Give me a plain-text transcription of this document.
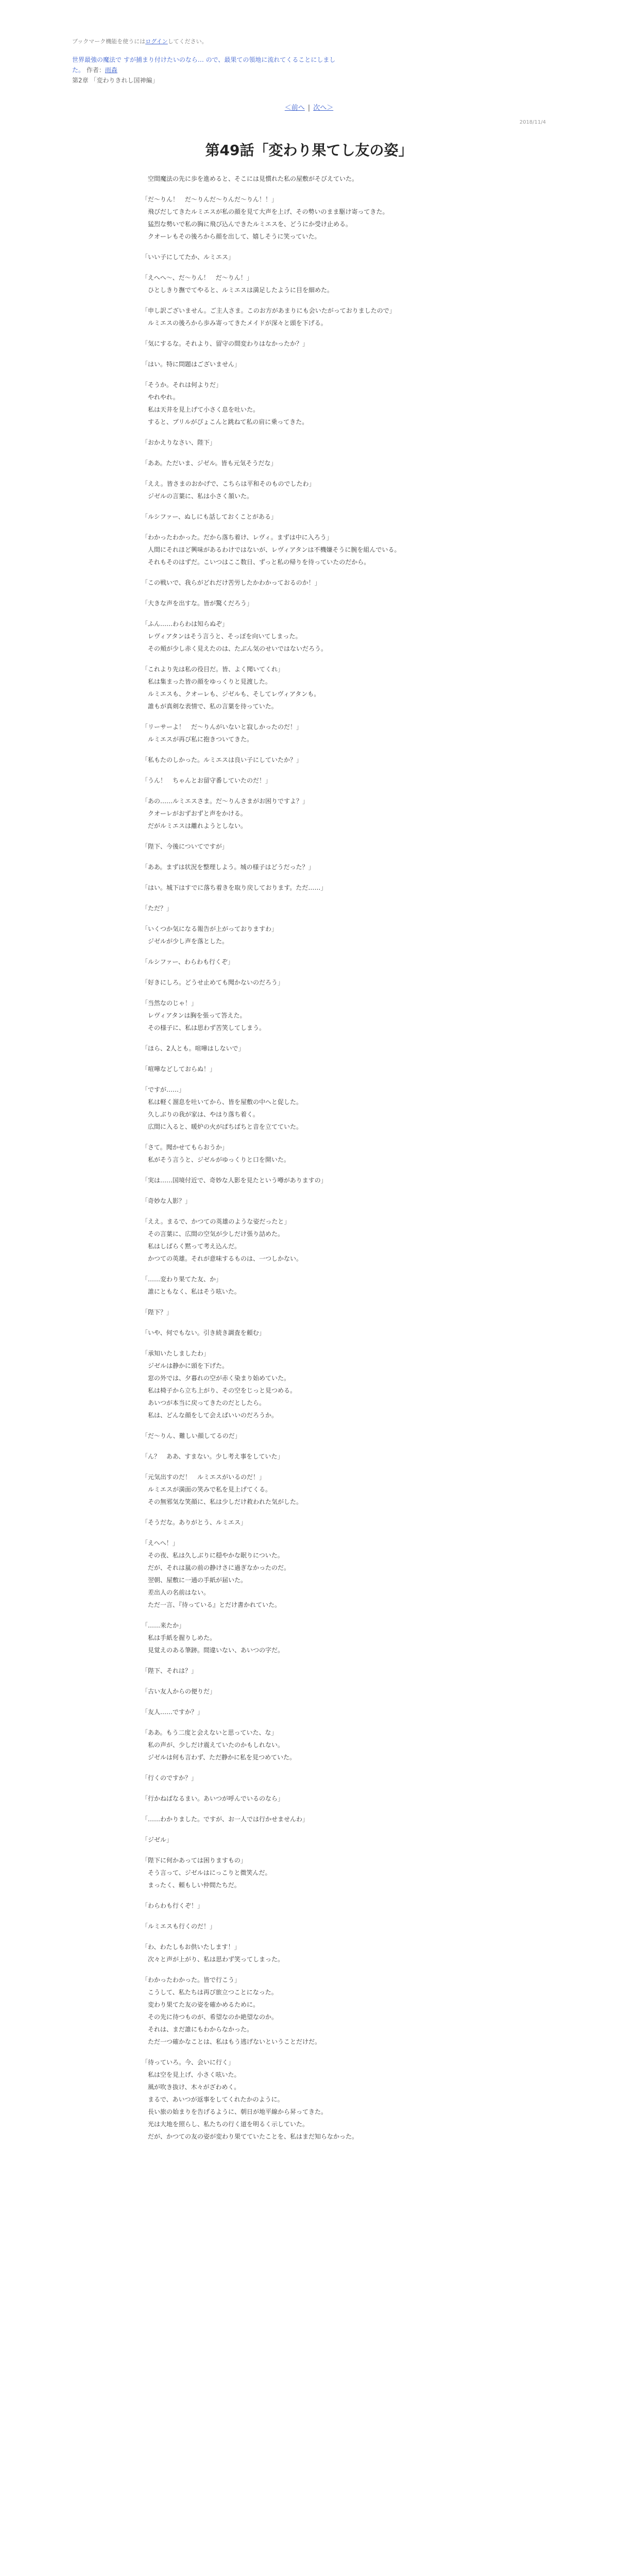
ブックマーク機能を使うにはログインしてください。
世界最強の魔法で すが捕まり付けたいのなら… ので、最果ての領地に流れてくることにしました。 作者：雨森
第2章 「変わりきれし国神編」
＜前へ | 次へ＞
2018/11/4
第49話「変わり果てし友の姿」

　空間魔法の先に歩を進めると、そこには見慣れた私の屋敷がそびえていた。

「だ〜りん！　だ〜りんだ〜りんだ〜りん！！」

　飛びだしてきたルミエスが私の顔を見て大声を上げ、その勢いのまま駆け寄ってきた。

　猛烈な勢いで私の胸に飛び込んできたルミエスを、どうにか受け止める。

　クオーレもその後ろから顔を出して、嬉しそうに笑っていた。

「いい子にしてたか、ルミエス」

「えへへ〜、だ〜りん！　だ〜りん！」

　ひとしきり撫でてやると、ルミエスは満足したように目を細めた。

「申し訳ございません。ご主人さま。このお方があまりにも会いたがっておりましたので」

　ルミエスの後ろから歩み寄ってきたメイドが深々と頭を下げる。

「気にするな。それより、留守の間変わりはなかったか？」

「はい。特に問題はございません」

「そうか。それは何よりだ」

　やれやれ。

　私は天井を見上げて小さく息を吐いた。

　すると、プリルがぴょこんと跳ねて私の肩に乗ってきた。

「おかえりなさい、陛下」

「ああ。ただいま、ジゼル。皆も元気そうだな」

「ええ。皆さまのおかげで、こちらは平和そのものでしたわ」

　ジゼルの言葉に、私は小さく頷いた。

「ルシファー、ぬしにも話しておくことがある」

「わかったわかった。だから落ち着け、レヴィ。まずは中に入ろう」

　人間にそれほど興味があるわけではないが、レヴィアタンは不機嫌そうに腕を組んでいる。

　それもそのはずだ。こいつはここ数日、ずっと私の帰りを待っていたのだから。

「この戦いで、我らがどれだけ苦労したかわかっておるのか！」

「大きな声を出すな。皆が驚くだろう」

「ふん……わらわは知らぬぞ」

　レヴィアタンはそう言うと、そっぽを向いてしまった。

　その頬が少し赤く見えたのは、たぶん気のせいではないだろう。

「これより先は私の役目だ。皆、よく聞いてくれ」

　私は集まった皆の顔をゆっくりと見渡した。

　ルミエスも、クオーレも、ジゼルも、そしてレヴィアタンも。

　誰もが真剣な表情で、私の言葉を待っていた。

「リーサーよ！　だ〜りんがいないと寂しかったのだ！」

　ルミエスが再び私に抱きついてきた。

「私もたのしかった。ルミエスは良い子にしていたか？」

「うん！　ちゃんとお留守番していたのだ！」

「あの……ルミエスさま。だ〜りんさまがお困りですよ？」

　クオーレがおずおずと声をかける。

　だがルミエスは離れようとしない。

「陛下、今後についてですが」

「ああ。まずは状況を整理しよう。城の様子はどうだった？」

「はい。城下はすでに落ち着きを取り戻しております。ただ……」

「ただ？」

「いくつか気になる報告が上がっておりますわ」

　ジゼルが少し声を落とした。

「ルシファー、わらわも行くぞ」

「好きにしろ。どうせ止めても聞かないのだろう」

「当然なのじゃ！」

　レヴィアタンは胸を張って答えた。

　その様子に、私は思わず苦笑してしまう。

「ほら、2人とも。喧嘩はしないで」

「喧嘩などしておらぬ！」

「ですが……」

　私は軽く溜息を吐いてから、皆を屋敷の中へと促した。

　久しぶりの我が家は、やはり落ち着く。

　広間に入ると、暖炉の火がぱちぱちと音を立てていた。

「さて。聞かせてもらおうか」

　私がそう言うと、ジゼルがゆっくりと口を開いた。

「実は……国境付近で、奇妙な人影を見たという噂がありますの」

「奇妙な人影？」

「ええ。まるで、かつての英雄のような姿だったと」

　その言葉に、広間の空気が少しだけ張り詰めた。

　私はしばらく黙って考え込んだ。

　かつての英雄。それが意味するものは、一つしかない。

「……変わり果てた友、か」

　誰にともなく、私はそう呟いた。

「陛下？」

「いや、何でもない。引き続き調査を頼む」

「承知いたしましたわ」

　ジゼルは静かに頭を下げた。

　窓の外では、夕暮れの空が赤く染まり始めていた。

　私は椅子から立ち上がり、その空をじっと見つめる。

　あいつが本当に戻ってきたのだとしたら。

　私は、どんな顔をして会えばいいのだろうか。

「だ〜りん、難しい顔してるのだ」

「ん？　ああ、すまない。少し考え事をしていた」

「元気出すのだ！　ルミエスがいるのだ！」

　ルミエスが満面の笑みで私を見上げてくる。

　その無邪気な笑顔に、私は少しだけ救われた気がした。

「そうだな。ありがとう、ルミエス」

「えへへ！」

　その夜、私は久しぶりに穏やかな眠りについた。

　だが、それは嵐の前の静けさに過ぎなかったのだ。

　翌朝、屋敷に一通の手紙が届いた。

　差出人の名前はない。

　ただ一言、『待っている』とだけ書かれていた。

「……来たか」

　私は手紙を握りしめた。

　見覚えのある筆跡。間違いない、あいつの字だ。

「陛下、それは？」

「古い友人からの便りだ」

「友人……ですか？」

「ああ。もう二度と会えないと思っていた、な」

　私の声が、少しだけ震えていたのかもしれない。

　ジゼルは何も言わず、ただ静かに私を見つめていた。

「行くのですか？」

「行かねばなるまい。あいつが呼んでいるのなら」

「……わかりました。ですが、お一人では行かせませんわ」

「ジゼル」

「陛下に何かあっては困りますもの」

　そう言って、ジゼルはにっこりと微笑んだ。

　まったく、頼もしい仲間たちだ。

「わらわも行くぞ！」

「ルミエスも行くのだ！」

「わ、わたしもお供いたします！」

　次々と声が上がり、私は思わず笑ってしまった。

「わかったわかった。皆で行こう」

　こうして、私たちは再び旅立つことになった。

　変わり果てた友の姿を確かめるために。

　その先に待つものが、希望なのか絶望なのか。

　それは、まだ誰にもわからなかった。

　ただ一つ確かなことは、私はもう逃げないということだけだ。

「待っていろ。今、会いに行く」

　私は空を見上げ、小さく呟いた。

　風が吹き抜け、木々がざわめく。

　まるで、あいつが返事をしてくれたかのように。

　長い旅の始まりを告げるように、朝日が地平線から昇ってきた。

　光は大地を照らし、私たちの行く道を明るく示していた。

　だが、かつての友の姿が変わり果てていたことを、私はまだ知らなかった。
